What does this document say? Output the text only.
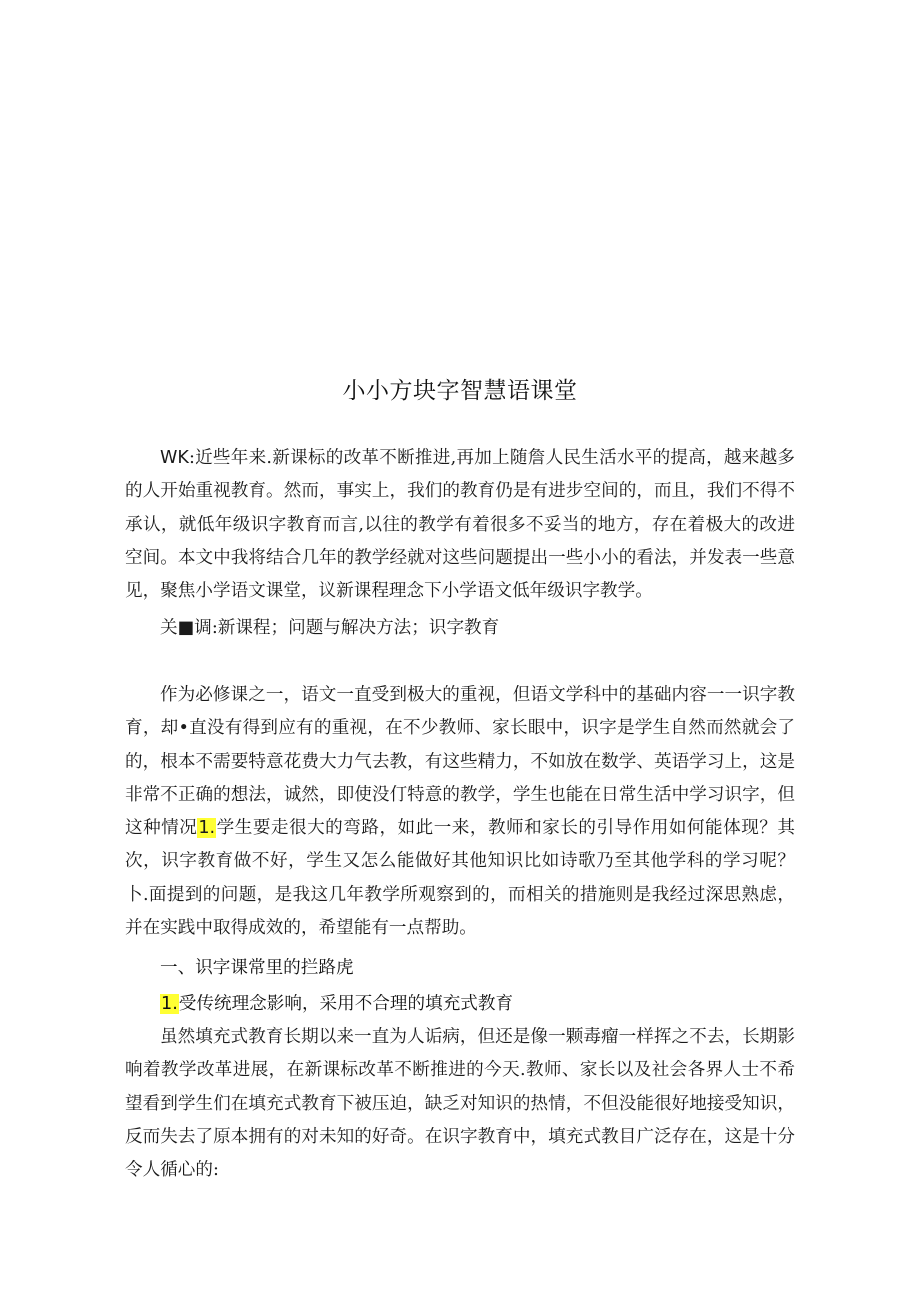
小小方块字智慧语课堂

WK:近些年来.新课标的改革不断推进,再加上随詹人民生活水平的提高，越来越多的人开始重视教育。然而，事实上，我们的教育仍是有进步空间的，而且，我们不得不承认，就低年级识字教育而言,以往的教学有着很多不妥当的地方，存在着极大的改进空间。本文中我将结合几年的教学经就对这些问题提出一些小小的看法，并发表一些意见，聚焦小学语文课堂，议新课程理念下小学语文低年级识字教学。

关■调:新课程；问题与解决方法；识字教育

作为必修课之一，语文一直受到极大的重视，但语文学科中的基础内容一一识字教育，却•直没有得到应有的重视，在不少教师、家长眼中，识字是学生自然而然就会了的，根本不需要特意花费大力气去教，有这些精力，不如放在数学、英语学习上，这是非常不正确的想法，诚然，即使没仃特意的教学，学生也能在日常生活中学习识字，但这种情况1.学生要走很大的弯路，如此一来，教师和家长的引导作用如何能体现？其次，识字教育做不好，学生又怎么能做好其他知识比如诗歌乃至其他学科的学习呢？卜.面提到的问题，是我这几年教学所观察到的，而相关的措施则是我经过深思熟虑，并在实践中取得成效的，希望能有一点帮助。

一、识字课常里的拦路虎
1.受传统理念影响，采用不合理的填充式教育

虽然填充式教育长期以来一直为人诟病，但还是像一颗毒瘤一样挥之不去，长期影响着教学改革进展，在新课标改革不断推进的今天.教师、家长以及社会各界人士不希望看到学生们在填充式教育下被压迫，缺乏对知识的热情，不但没能很好地接受知识，反而失去了原本拥有的对未知的好奇。在识字教育中，填充式教目广泛存在，这是十分令人循心的:
